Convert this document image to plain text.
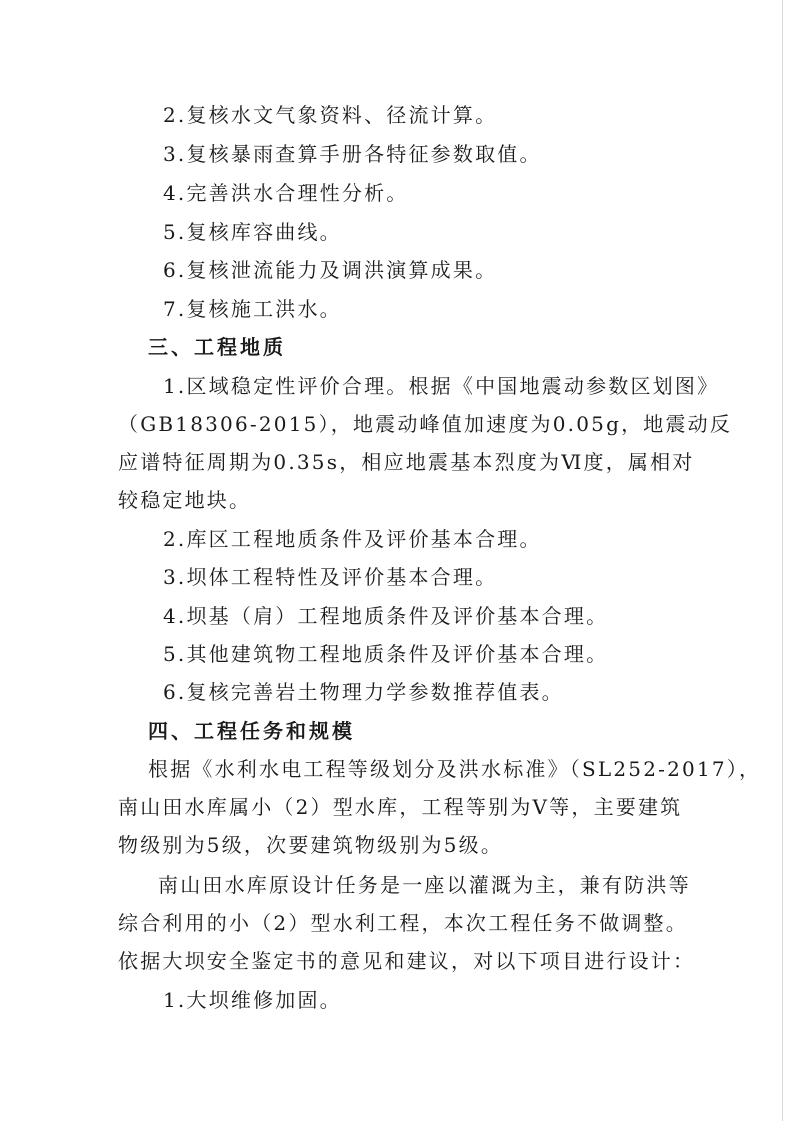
2.复核水文气象资料、径流计算。
3.复核暴雨查算手册各特征参数取值。
4.完善洪水合理性分析。
5.复核库容曲线。
6.复核泄流能力及调洪演算成果。
7.复核施工洪水。
三、工程地质
1.区域稳定性评价合理。根据《中国地震动参数区划图》
（GB18306-2015），地震动峰值加速度为0.05g，地震动反
应谱特征周期为0.35s，相应地震基本烈度为Ⅵ度，属相对
较稳定地块。
2.库区工程地质条件及评价基本合理。
3.坝体工程特性及评价基本合理。
4.坝基（肩）工程地质条件及评价基本合理。
5.其他建筑物工程地质条件及评价基本合理。
6.复核完善岩土物理力学参数推荐值表。
四、工程任务和规模
根据《水利水电工程等级划分及洪水标准》（SL252-2017），
南山田水库属小（2）型水库，工程等别为Ⅴ等，主要建筑
物级别为5级，次要建筑物级别为5级。
南山田水库原设计任务是一座以灌溉为主，兼有防洪等
综合利用的小（2）型水利工程，本次工程任务不做调整。
依据大坝安全鉴定书的意见和建议，对以下项目进行设计：
1.大坝维修加固。
